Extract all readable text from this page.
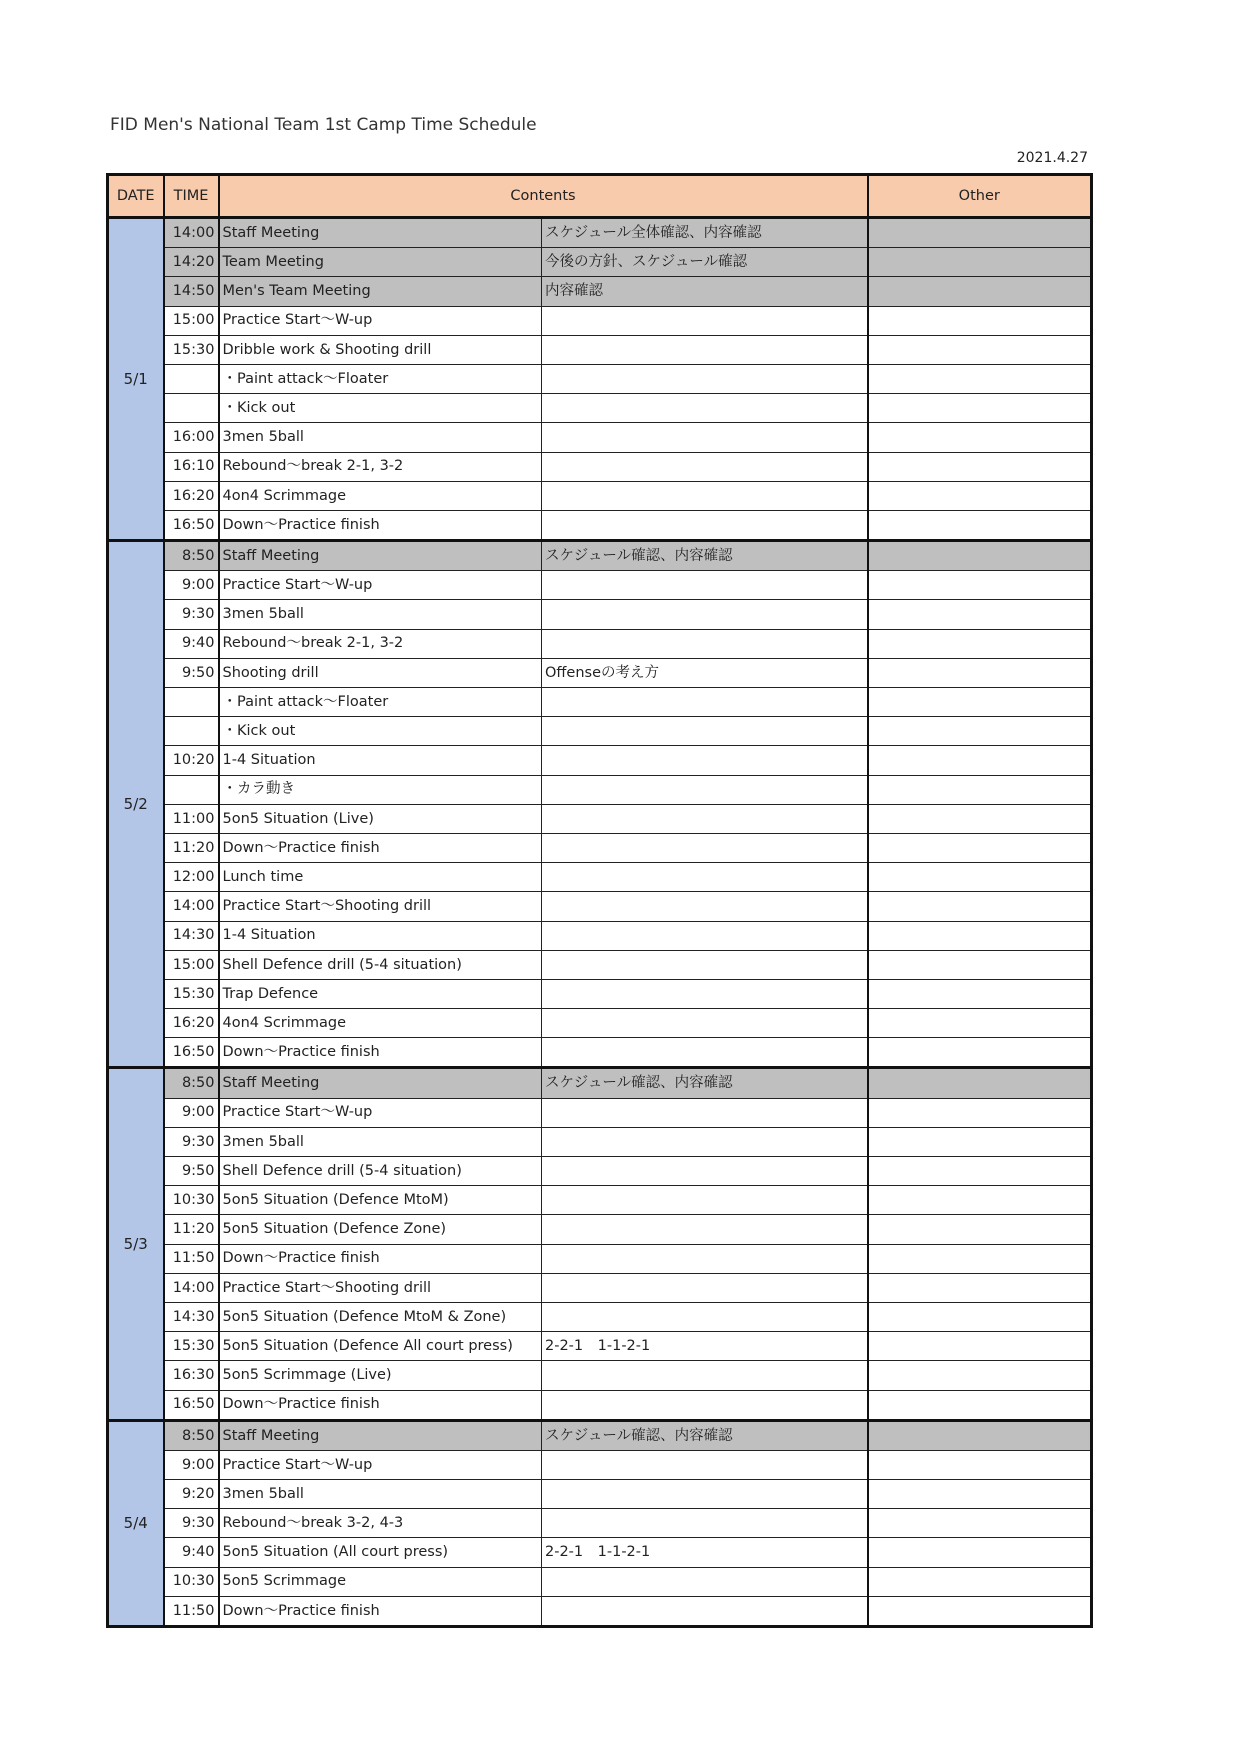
FID Men's National Team 1st Camp Time Schedule
2021.4.27
DATE	TIME	Contents		Other
5/1	14:00	Staff Meeting	スケジュール全体確認、内容確認	
	14:20	Team Meeting	今後の方針、スケジュール確認	
	14:50	Men's Team Meeting	内容確認	
	15:00	Practice Start～W-up		
	15:30	Dribble work & Shooting drill		
		・Paint attack～Floater		
		・Kick out		
	16:00	3men 5ball		
	16:10	Rebound～break 2-1, 3-2		
	16:20	4on4 Scrimmage		
	16:50	Down～Practice finish		
5/2	8:50	Staff Meeting	スケジュール確認、内容確認	
	9:00	Practice Start～W-up		
	9:30	3men 5ball		
	9:40	Rebound～break 2-1, 3-2		
	9:50	Shooting drill	Offenseの考え方	
		・Paint attack～Floater		
		・Kick out		
	10:20	1-4 Situation		
		・カラ動き		
	11:00	5on5 Situation (Live)		
	11:20	Down～Practice finish		
	12:00	Lunch time		
	14:00	Practice Start～Shooting drill		
	14:30	1-4 Situation		
	15:00	Shell Defence drill (5-4 situation)		
	15:30	Trap Defence		
	16:20	4on4 Scrimmage		
	16:50	Down～Practice finish		
5/3	8:50	Staff Meeting	スケジュール確認、内容確認	
	9:00	Practice Start～W-up		
	9:30	3men 5ball		
	9:50	Shell Defence drill (5-4 situation)		
	10:30	5on5 Situation (Defence MtoM)		
	11:20	5on5 Situation (Defence Zone)		
	11:50	Down～Practice finish		
	14:00	Practice Start～Shooting drill		
	14:30	5on5 Situation (Defence MtoM & Zone)		
	15:30	5on5 Situation (Defence All court press)	2-2-1　1-1-2-1	
	16:30	5on5 Scrimmage (Live)		
	16:50	Down～Practice finish		
5/4	8:50	Staff Meeting	スケジュール確認、内容確認	
	9:00	Practice Start～W-up		
	9:20	3men 5ball		
	9:30	Rebound～break 3-2, 4-3		
	9:40	5on5 Situation (All court press)	2-2-1　1-1-2-1	
	10:30	5on5 Scrimmage		
	11:50	Down～Practice finish		
